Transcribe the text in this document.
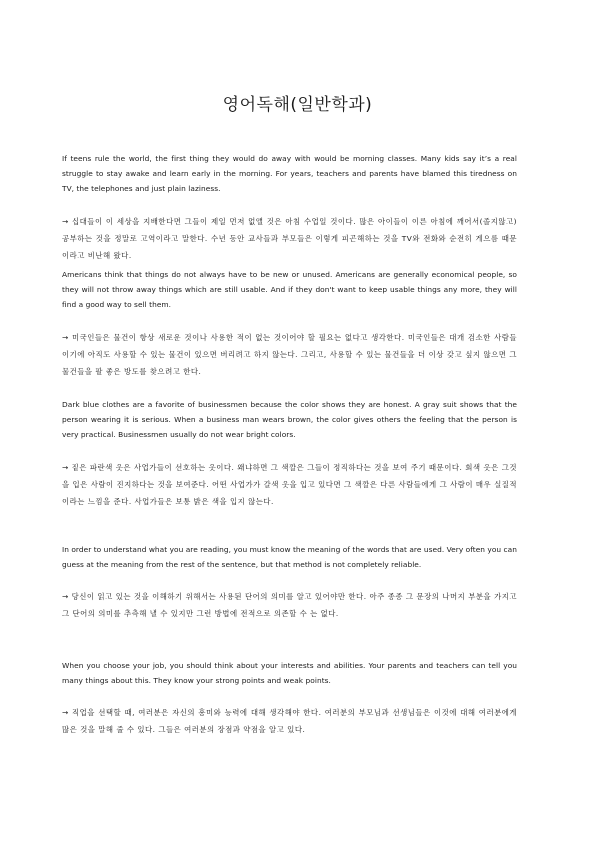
영어독해(일반학과)

If teens rule the world, the first thing they would do away with would be morning classes. Many kids say it’s a real struggle to stay awake and learn early in the morning. For years, teachers and parents have blamed this tiredness on TV, the telephones and just plain laziness.

→ 십대들이 이 세상을 지배한다면 그들이 제일 먼저 없앨 것은 아침 수업일 것이다. 많은 아이들이 이른 아침에 깨어서(졸지않고) 공부하는 것을 정말로 고역이라고 말한다. 수년 동안 교사들과 부모들은 이렇게 피곤해하는 것을 TV와 전화와 순전히 게으름 때문이라고 비난해 왔다.

Americans think that things do not always have to be new or unused. Americans are generally economical people, so they will not throw away things which are still usable. And if they don't want to keep usable things any more, they will find a good way to sell them.

→ 미국인들은 물건이 항상 새로운 것이나 사용한 적이 없는 것이어야 할 필요는 없다고 생각한다. 미국인들은 대개 검소한 사람들이기에 아직도 사용할 수 있는 물건이 있으면 버리려고 하지 않는다. 그리고, 사용할 수 있는 물건들을 더 이상 갖고 싶지 않으면 그 물건들을 팔 좋은 방도를 찾으려고 한다.

Dark blue clothes are a favorite of businessmen because the color shows they are honest. A gray suit shows that the person wearing it is serious. When a business man wears brown, the color gives others the feeling that the person is very practical. Businessmen usually do not wear bright colors.

→ 짙은 파란색 옷은 사업가들이 선호하는 옷이다. 왜냐하면 그 색깔은 그들이 정직하다는 것을 보여 주기 때문이다. 회색 옷은 그것을 입은 사람이 진지하다는 것을 보여준다. 어떤 사업가가 갈색 옷을 입고 있다면 그 색깔은 다른 사람들에게 그 사람이 매우 실질적이라는 느낌을 준다. 사업가들은 보통 밝은 색을 입지 않는다.

In order to understand what you are reading, you must know the meaning of the words that are used. Very often you can guess at the meaning from the rest of the sentence, but that method is not completely reliable.

→ 당신이 읽고 있는 것을 이해하기 위해서는 사용된 단어의 의미를 알고 있어야만 한다. 아주 종종 그 문장의 나머지 부분을 가지고 그 단어의 의미를 추측해 낼 수 있지만 그런 방법에 전적으로 의존할 수 는 없다.

When you choose your job, you should think about your interests and abilities. Your parents and teachers can tell you many things about this. They know your strong points and weak points.

→ 직업을 선택할 때, 여러분은 자신의 흥미와 능력에 대해 생각해야 한다. 여러분의 부모님과 선생님들은 이것에 대해 여러분에게 많은 것을 말해 줄 수 있다. 그들은 여러분의 장점과 약점을 알고 있다.
